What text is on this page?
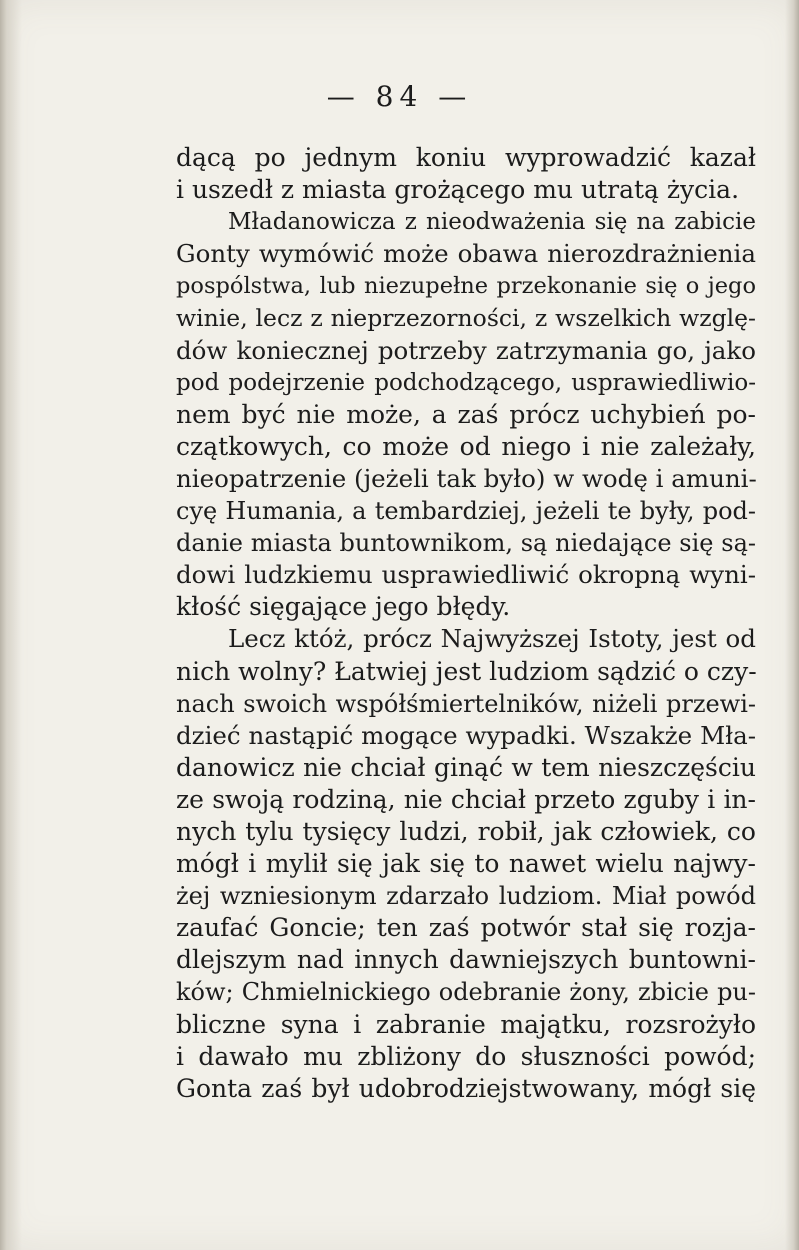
— 84 —
dącą po jednym koniu wyprowadzić kazał
i uszedł z miasta grożącego mu utratą życia.
Mładanowicza z nieodważenia się na zabicie
Gonty wymówić może obawa nierozdrażnienia
pospólstwa, lub niezupełne przekonanie się o jego
winie, lecz z nieprzezorności, z wszelkich wzglę-
dów koniecznej potrzeby zatrzymania go, jako
pod podejrzenie podchodzącego, usprawiedliwio-
nem być nie może, a zaś prócz uchybień po-
czątkowych, co może od niego i nie zależały,
nieopatrzenie (jeżeli tak było) w wodę i amuni-
cyę Humania, a tembardziej, jeżeli te były, pod-
danie miasta buntownikom, są niedające się są-
dowi ludzkiemu usprawiedliwić okropną wyni-
kłość sięgające jego błędy.
Lecz któż, prócz Najwyższej Istoty, jest od
nich wolny? Łatwiej jest ludziom sądzić o czy-
nach swoich współśmiertelników, niżeli przewi-
dzieć nastąpić mogące wypadki. Wszakże Mła-
danowicz nie chciał ginąć w tem nieszczęściu
ze swoją rodziną, nie chciał przeto zguby i in-
nych tylu tysięcy ludzi, robił, jak człowiek, co
mógł i mylił się jak się to nawet wielu najwy-
żej wzniesionym zdarzało ludziom. Miał powód
zaufać Goncie; ten zaś potwór stał się rozja-
dlejszym nad innych dawniejszych buntowni-
ków; Chmielnickiego odebranie żony, zbicie pu-
bliczne syna i zabranie majątku, rozsrożyło
i dawało mu zbliżony do słuszności powód;
Gonta zaś był udobrodziejstwowany, mógł się
